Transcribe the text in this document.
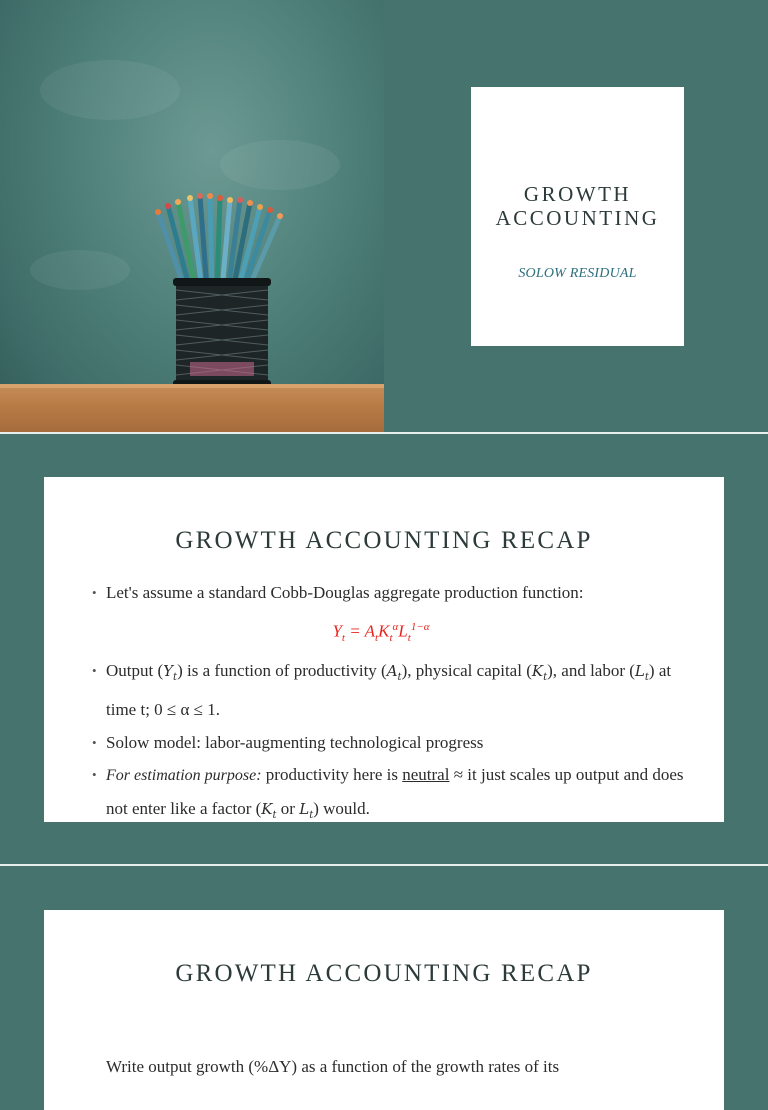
GROWTH
ACCOUNTING
SOLOW RESIDUAL
GROWTH ACCOUNTING RECAP
• Let's assume a standard Cobb-Douglas aggregate production function:
$Y_t = A_tK_t^\alpha L_t^{1-\alpha}$
• Output $(Y_t)$ is a function of productivity $(A_t)$, physical capital $(K_t)$, and labor $(L_t)$ at time t; 0 ≤ α ≤ 1.
• Solow model: labor-augmenting technological progress
• For estimation purpose: productivity here is neutral ≈ it just scales up output and does not enter like a factor ($K_t$ or $L_t$) would.
GROWTH ACCOUNTING RECAP
Write output growth (%ΔY) as a function of the growth rates of its
